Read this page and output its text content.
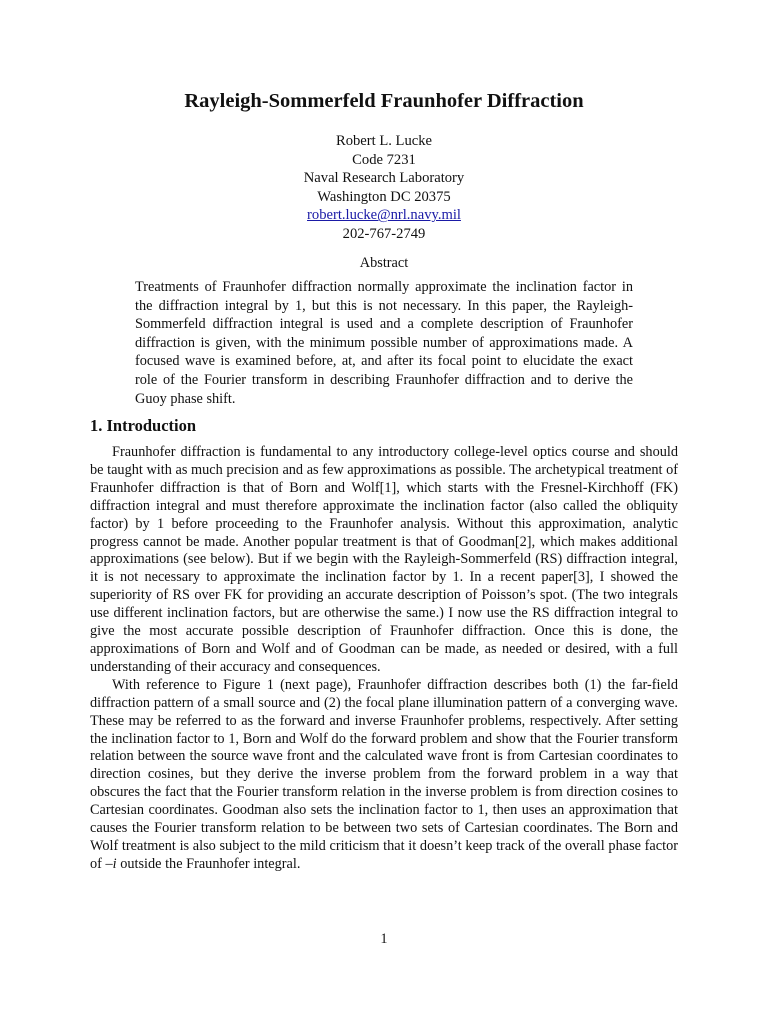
Rayleigh-Sommerfeld Fraunhofer Diffraction
Robert L. Lucke
Code 7231
Naval Research Laboratory
Washington DC 20375
robert.lucke@nrl.navy.mil
202-767-2749
Abstract

Treatments of Fraunhofer diffraction normally approximate the inclination factor in the diffraction integral by 1, but this is not necessary. In this paper, the Rayleigh-Sommerfeld diffraction integral is used and a complete description of Fraunhofer diffraction is given, with the minimum possible number of approximations made. A focused wave is examined before, at, and after its focal point to elucidate the exact role of the Fourier transform in describing Fraunhofer diffraction and to derive the Guoy phase shift.

1. Introduction

Fraunhofer diffraction is fundamental to any introductory college-level optics course and should be taught with as much precision and as few approximations as possible. The archetypical treatment of Fraunhofer diffraction is that of Born and Wolf[1], which starts with the Fresnel-Kirchhoff (FK) diffraction integral and must therefore approximate the inclination factor (also called the obliquity factor) by 1 before proceeding to the Fraunhofer analysis. Without this approximation, analytic progress cannot be made. Another popular treatment is that of Goodman[2], which makes additional approximations (see below). But if we begin with the Rayleigh-Sommerfeld (RS) diffraction integral, it is not necessary to approximate the inclination factor by 1. In a recent paper[3], I showed the superiority of RS over FK for providing an accurate description of Poisson’s spot. (The two integrals use different inclination factors, but are otherwise the same.) I now use the RS diffraction integral to give the most accurate possible description of Fraunhofer diffraction. Once this is done, the approximations of Born and Wolf and of Goodman can be made, as needed or desired, with a full understanding of their accuracy and consequences.

With reference to Figure 1 (next page), Fraunhofer diffraction describes both (1) the far-field diffraction pattern of a small source and (2) the focal plane illumination pattern of a converging wave. These may be referred to as the forward and inverse Fraunhofer problems, respectively. After setting the inclination factor to 1, Born and Wolf do the forward problem and show that the Fourier transform relation between the source wave front and the calculated wave front is from Cartesian coordinates to direction cosines, but they derive the inverse problem from the forward problem in a way that obscures the fact that the Fourier transform relation in the inverse problem is from direction cosines to Cartesian coordinates. Goodman also sets the inclination factor to 1, then uses an approximation that causes the Fourier transform relation to be between two sets of Cartesian coordinates. The Born and Wolf treatment is also subject to the mild criticism that it doesn’t keep track of the overall phase factor of –i outside the Fraunhofer integral.

1
